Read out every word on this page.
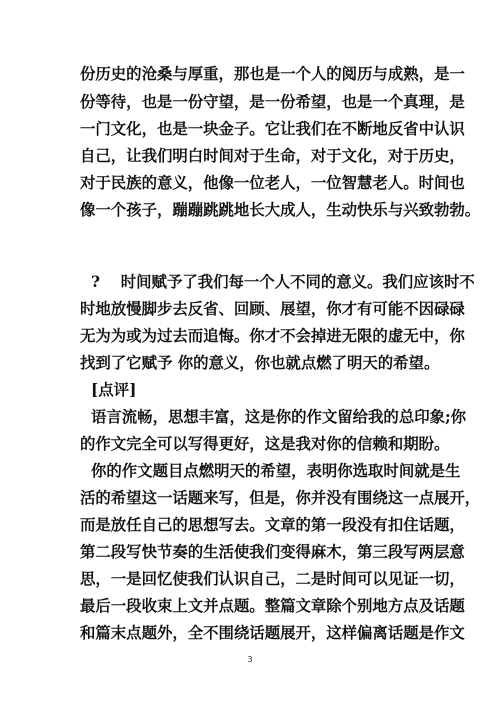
份历史的沧桑与厚重，那也是一个人的阅历与成熟，是一
份等待，也是一份守望，是一份希望，也是一个真理，是
一门文化，也是一块金子。它让我们在不断地反省中认识
自己，让我们明白时间对于生命，对于文化，对于历史，
对于民族的意义，他像一位老人，一位智慧老人。时间也
像一个孩子，蹦蹦跳跳地长大成人，生动快乐与兴致勃勃。
?　 时间赋予了我们每一个人不同的意义。我们应该时不
时地放慢脚步去反省、回顾、展望，你才有可能不因碌碌
无为为或为过去而追悔。你才不会掉进无限的虚无中，你
找到了它赋予 你的意义，你也就点燃了明天的希望。
[点评]
语言流畅，思想丰富，这是你的作文留给我的总印象;你
的作文完全可以写得更好，这是我对你的信赖和期盼。
你的作文题目点燃明天的希望，表明你选取时间就是生
活的希望这一话题来写，但是，你并没有围绕这一点展开，
而是放任自己的思想写去。文章的第一段没有扣住话题，
第二段写快节奏的生活使我们变得麻木，第三段写两层意
思，一是回忆使我们认识自己，二是时间可以见证一切，
最后一段收束上文并点题。整篇文章除个别地方点及话题
和篇末点题外，全不围绕话题展开，这样偏离话题是作文
3
